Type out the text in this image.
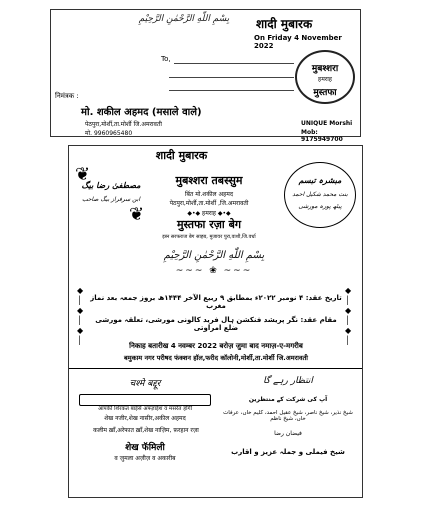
بِسْمِ اللّٰهِ الرَّحْمٰنِ الرَّحِيْمِ	शादी मुबारक
On Friday 4 November 2022
To,
मुबश्शरा
हमराह
मुस्तफा
निमंत्रक :
मो. शकील अहमद (मसाले वाले)
पेठपुरा,मोर्शी,ता.मोर्शी जि.अमरावती
मो. 9960965480
UNIQUE Morshi
Mob: 9175949700
शादी मुबारक
❦
❦
مصطفیٰ رضا بیگ
ابن سرفراز بیگ صاحب
मुबश्शरा तबस्सुम
बिंत मो.शकील अहमद
पेठपुरा,मोर्शी,ता.मोर्शी ,जि.अमरावती
◆•◆ हमराह ◆•◆
मुस्तफा रज़ा बेग
इब्न सरफराज बेग साहब, मुजावर पुरा,वाशी,जि.वर्धा
مبشرہ تبسم
بنت محمد شکیل احمد
پیٹھ پورہ مورشی
بِسْمِ اللّٰهِ الرَّحْمٰنِ الرَّحِيْمِ
~~~ ❀ ~~~
◆
│
◆
│
◆
│
◆
│
◆
│
◆
│
تاریخ عقد: ۴ نومبر ۲۰۲۲ء بمطابق ۹ ربیع الآخر ۱۴۴۴ھ بروز جمعہ بعد نماز مغرب
مقام عقد: نگر پریشد فنکشن ہال فرید کالونی مورشی، تعلقہ مورشی ضلع امراوتی
निकाह बतारीख 4 नवम्बर 2022 बरोज़ जुमा बाद नमाज़-ए-मगरीब
बमुकाम नगर परीषद फंक्शन हॉल,फरीद कॉलोनी,मोर्शी,ता.मोर्शी जि.अमरावती
चश्मे बद्दूर
आपकी शिरकत बाईसे अफ्ज़ाईश व मसर्रत होगी
शेख नजीर,शेख नासीर,अकील अहमद
कलीम ख़ाँ,अरेफात ख़ाँ,शेख नाज़िम, फ़रहान रज़ा
शेख फॅमिली
व जुमला अज़ीज़ व अकारीब
انتظار رہے گا
آپ کی شرکت کے منتظرین
شیخ نذیر، شیخ ناصر، شیخ عقیل احمد، کلیم خاں، عرفات خاں، شیخ ناظم
فیضان رضا
شیخ فیملی و جملہ عزیز و اقارب
